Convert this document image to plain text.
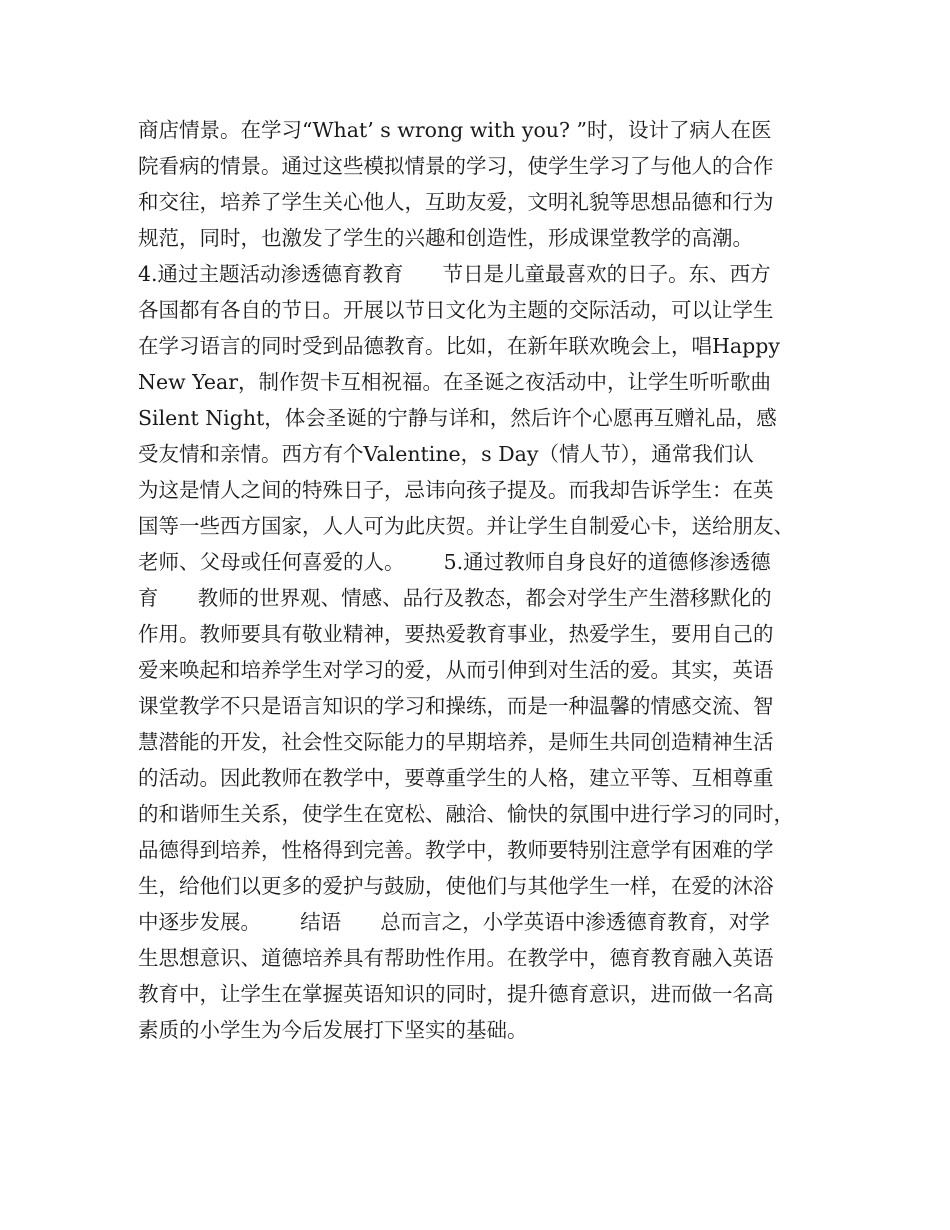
商店情景。在学习“What’ s wrong with you? ”时，设计了病人在医
院看病的情景。通过这些模拟情景的学习，使学生学习了与他人的合作
和交往，培养了学生关心他人，互助友爱，文明礼貌等思想品德和行为
规范，同时，也激发了学生的兴趣和创造性，形成课堂教学的高潮。
4.通过主题活动渗透德育教育      节日是儿童最喜欢的日子。东、西方
各国都有各自的节日。开展以节日文化为主题的交际活动，可以让学生
在学习语言的同时受到品德教育。比如，在新年联欢晚会上，唱Happy
New Year，制作贺卡互相祝福。在圣诞之夜活动中，让学生听听歌曲
Silent Night，体会圣诞的宁静与详和，然后许个心愿再互赠礼品，感
受友情和亲情。西方有个Valentine，s Day（情人节），通常我们认
为这是情人之间的特殊日子，忌讳向孩子提及。而我却告诉学生：在英
国等一些西方国家，人人可为此庆贺。并让学生自制爱心卡，送给朋友、
老师、父母或任何喜爱的人。      5.通过教师自身良好的道德修渗透德
育      教师的世界观、情感、品行及教态，都会对学生产生潜移默化的
作用。教师要具有敬业精神，要热爱教育事业，热爱学生，要用自己的
爱来唤起和培养学生对学习的爱，从而引伸到对生活的爱。其实，英语
课堂教学不只是语言知识的学习和操练，而是一种温馨的情感交流、智
慧潜能的开发，社会性交际能力的早期培养，是师生共同创造精神生活
的活动。因此教师在教学中，要尊重学生的人格，建立平等、互相尊重
的和谐师生关系，使学生在宽松、融洽、愉快的氛围中进行学习的同时，
品德得到培养，性格得到完善。教学中，教师要特别注意学有困难的学
生，给他们以更多的爱护与鼓励，使他们与其他学生一样，在爱的沐浴
中逐步发展。      结语      总而言之，小学英语中渗透德育教育，对学
生思想意识、道德培养具有帮助性作用。在教学中，德育教育融入英语
教育中，让学生在掌握英语知识的同时，提升德育意识，进而做一名高
素质的小学生为今后发展打下坚实的基础。
